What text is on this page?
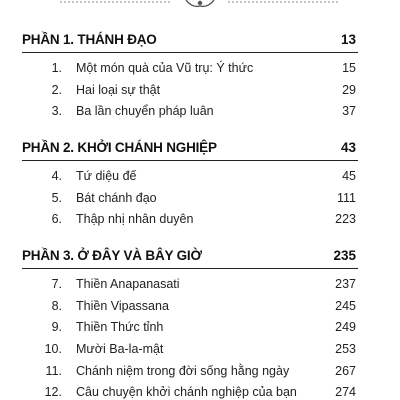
PHẦN 1. THÁNH ĐẠO	13
1. Một món quà của Vũ trụ: Ý thức	15
2. Hai loại sự thật	29
3. Ba lần chuyển pháp luân	37
PHẦN 2. KHỞI CHÁNH NGHIỆP	43
4. Tứ diệu đế	45
5. Bát chánh đạo	111
6. Thập nhị nhân duyên	223
PHẦN 3. Ở ĐÂY VÀ BÂY GIỜ	235
7. Thiền Anapanasati	237
8. Thiền Vipassana	245
9. Thiền Thức tỉnh	249
10. Mười Ba-la-mật	253
11. Chánh niệm trong đời sống hằng ngày	267
12. Câu chuyện khởi chánh nghiệp của bạn	274
